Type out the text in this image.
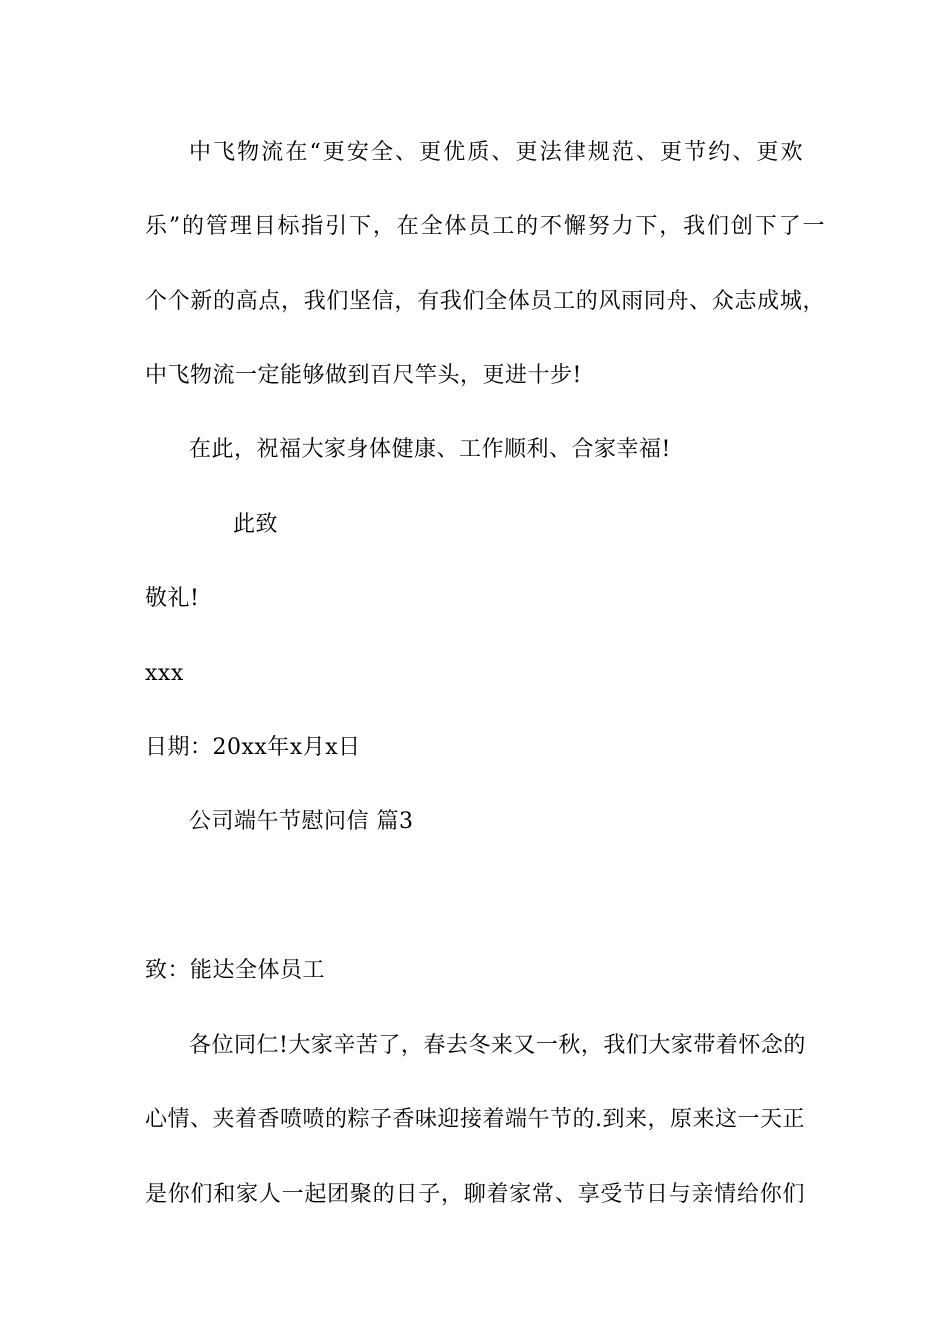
中飞物流在“更安全、更优质、更法律规范、更节约、更欢
乐”的管理目标指引下，在全体员工的不懈努力下，我们创下了一
个个新的高点，我们坚信，有我们全体员工的风雨同舟、众志成城，
中飞物流一定能够做到百尺竿头，更进十步!
在此，祝福大家身体健康、工作顺利、合家幸福!
此致
敬礼!
xxx
日期：20xx年x月x日
公司端午节慰问信 篇3
致：能达全体员工
各位同仁!大家辛苦了，春去冬来又一秋，我们大家带着怀念的
心情、夹着香喷喷的粽子香味迎接着端午节的.到来，原来这一天正
是你们和家人一起团聚的日子，聊着家常、享受节日与亲情给你们
